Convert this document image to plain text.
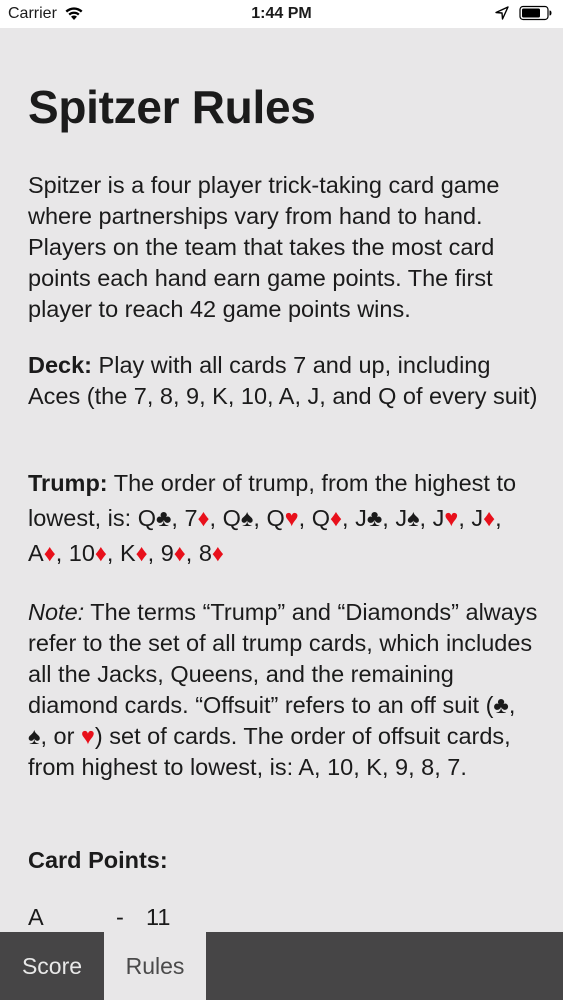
Carrier	1:44 PM
Spitzer Rules

Spitzer is a four player trick-taking card game where partnerships vary from hand to hand. Players on the team that takes the most card points each hand earn game points. The first player to reach 42 game points wins.

Deck: Play with all cards 7 and up, including Aces (the 7, 8, 9, K, 10, A, J, and Q of every suit)

Trump: The order of trump, from the highest to lowest, is: Q♣, 7♦, Q♠, Q♥, Q♦, J♣, J♠, J♥, J♦, A♦, 10♦, K♦, 9♦, 8♦

Note: The terms “Trump” and “Diamonds” always refer to the set of all trump cards, which includes all the Jacks, Queens, and the remaining diamond cards. “Offsuit” refers to an off suit (♣, ♠, or ♥) set of cards. The order of offsuit cards, from highest to lowest, is: A, 10, K, 9, 8, 7.

Card Points:
A	- 11
Score	Rules
